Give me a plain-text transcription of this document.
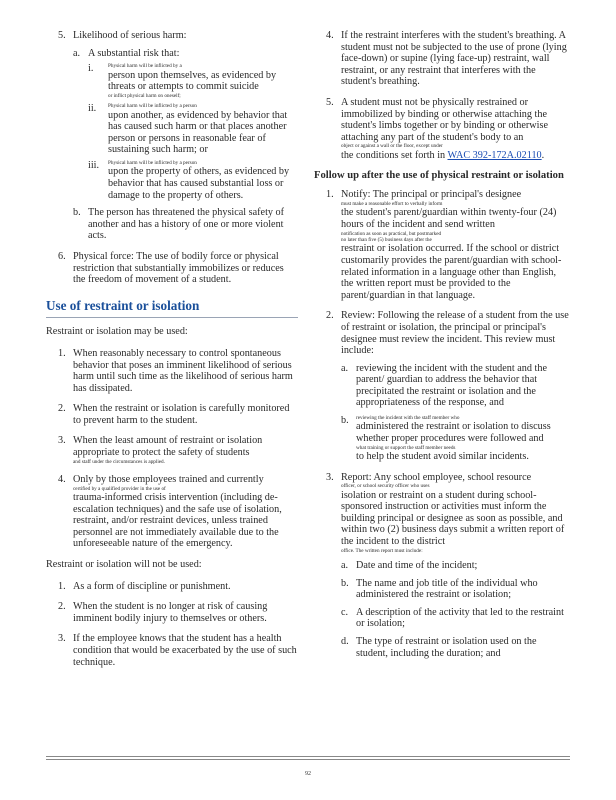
5. Likelihood of serious harm:
a. A substantial risk that:
i.	Physical harm will be inflicted by a
person upon themselves, as evidenced by threats or attempts to commit suicide
or inflict physical harm on oneself;
ii. Physical harm will be inflicted by a person
upon another, as evidenced by behavior that has caused such harm or that places another person or persons in reasonable fear of sustaining such harm; or
iii. Physical harm will be inflicted by a person
upon the property of others, as evidenced by behavior that has caused substantial loss or damage to the property of others.
b. The person has threatened the physical safety of another and has a history of one or more violent acts.
6. Physical force: The use of bodily force or physical restriction that substantially immobilizes or reduces the freedom of movement of a student.
Use of restraint or isolation

Restraint or isolation may be used:

1. When reasonably necessary to control spontaneous behavior that poses an imminent likelihood of serious harm until such time as the likelihood of serious harm has dissipated.
2. When the restraint or isolation is carefully monitored to prevent harm to the student.
3. When the least amount of restraint or isolation appropriate to protect the safety of students
and staff under the circumstances is applied.
4. Only by those employees trained and currently
certified by a qualified provider in the use of
trauma-informed crisis intervention (including de-escalation techniques) and the safe use of isolation, restraint, and/or restraint devices, unless trained personnel are not immediately available due to the unforeseeable nature of the emergency.

Restraint or isolation will not be used:

1. As a form of discipline or punishment.
2. When the student is no longer at risk of causing imminent bodily injury to themselves or others.
3. If the employee knows that the student has a health condition that would be exacerbated by the use of such technique.
4. If the restraint interferes with the student's breathing. A student must not be subjected to the use of prone (lying face-down) or supine (lying face-up) restraint, wall restraint, or any restraint that interferes with the student's breathing.
5. A student must not be physically restrained or immobilized by binding or otherwise attaching the student's limbs together or by binding or otherwise attaching any part of the student's body to an
object or against a wall or the floor, except under
the conditions set forth in WAC 392-172A.02110.
Follow up after the use of physical restraint or isolation
1. Notify: The principal or principal's designee
must make a reasonable effort to verbally inform
the student's parent/guardian within twenty-four (24) hours of the incident and send written
notification as soon as practical, but postmarked
no later than five (5) business days after the
restraint or isolation occurred. If the school or district customarily provides the parent/guardian with school-related information in a language other than English, the written report must be provided to the parent/guardian in that language.
2. Review: Following the release of a student from the use of restraint or isolation, the principal or principal's designee must review the incident. This review must include:
a. reviewing the incident with the student and the parent/ guardian to address the behavior that precipitated the restraint or isolation and the appropriateness of the response, and
b. reviewing the incident with the staff member who
administered the restraint or isolation to discuss whether proper procedures were followed and
what training or support the staff member needs
to help the student avoid similar incidents.
3. Report: Any school employee, school resource
officer, or school security officer who uses
isolation or restraint on a student during school-sponsored instruction or activities must inform the building principal or designee as soon as possible, and within two (2) business days submit a written report of the incident to the district
office. The written report must include:
a. Date and time of the incident;
b. The name and job title of the individual who administered the restraint or isolation;
c. A description of the activity that led to the restraint or isolation;
d. The type of restraint or isolation used on the student, including the duration; and
92
